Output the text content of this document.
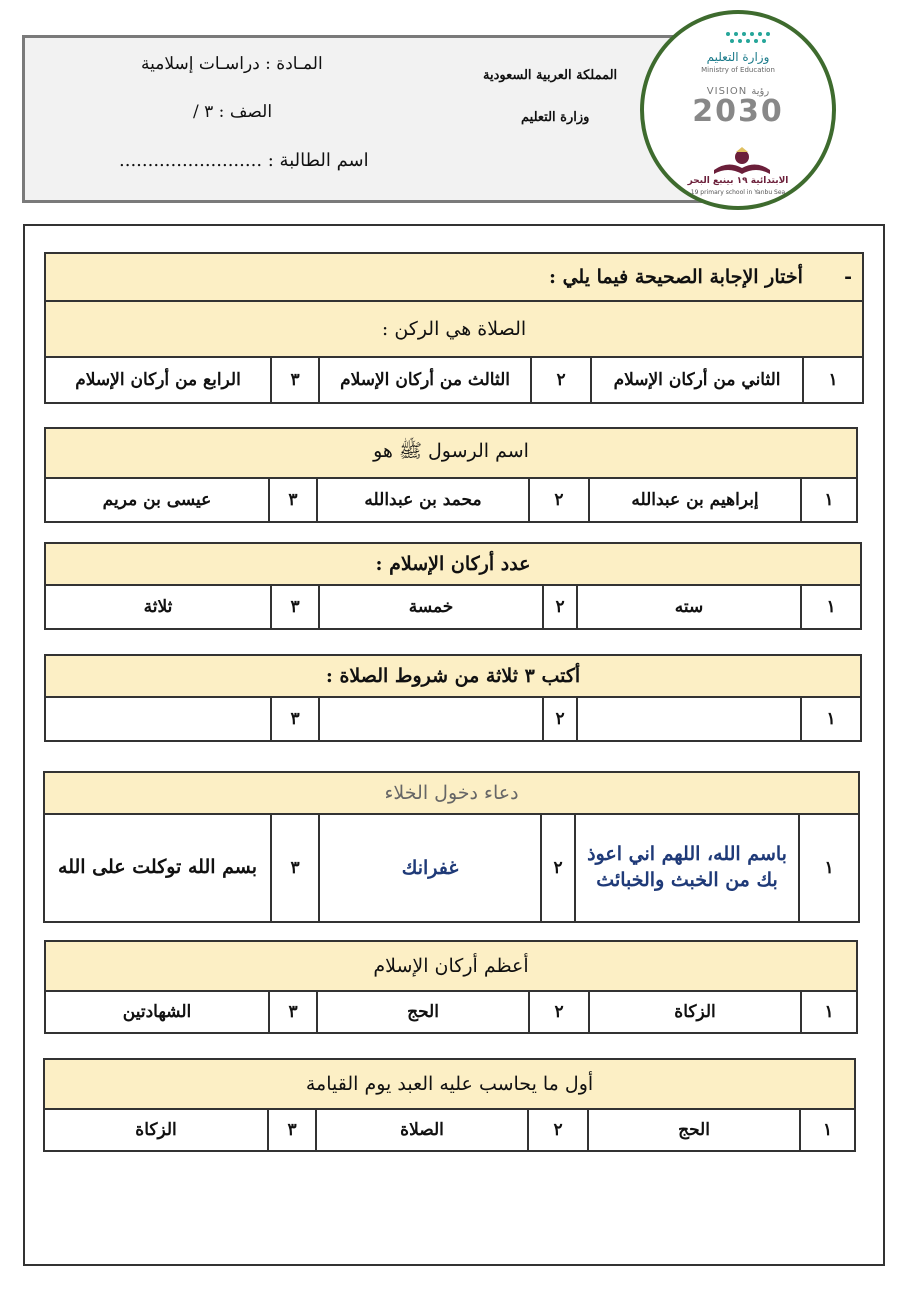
المـادة : دراسـات إسلامية
الصف : ٣ /
اسم الطالبة : .........................
المملكة العربية السعودية
وزارة التعليم
وزارة التعليم
Ministry of Education
VISION رؤية
2030
الابتدائية ١٩ بينبع البحر
19 primary school in Yanbu Sea
-  أختار الإجابة الصحيحة فيما يلي :
الصلاة هي الركن :
١	الثاني من أركان الإسلام	٢	الثالث من أركان الإسلام	٣	الرابع من أركان الإسلام
اسم الرسول ﷺ هو
١	إبراهيم بن عبدالله	٢	محمد بن عبدالله	٣	عيسى بن مريم
عدد أركان الإسلام :
١	سته	٢	خمسة	٣	ثلاثة
أكتب ٣ ثلاثة من شروط الصلاة :
١		٢		٣	
دعاء دخول الخلاء
١	باسم الله، اللهم اني اعوذ بك من الخبث والخبائث	٢	غفرانك	٣	بسم الله توكلت على الله
أعظم أركان الإسلام
١	الزكاة	٢	الحج	٣	الشهادتين
أول ما يحاسب عليه العبد يوم القيامة
١	الحج	٢	الصلاة	٣	الزكاة
